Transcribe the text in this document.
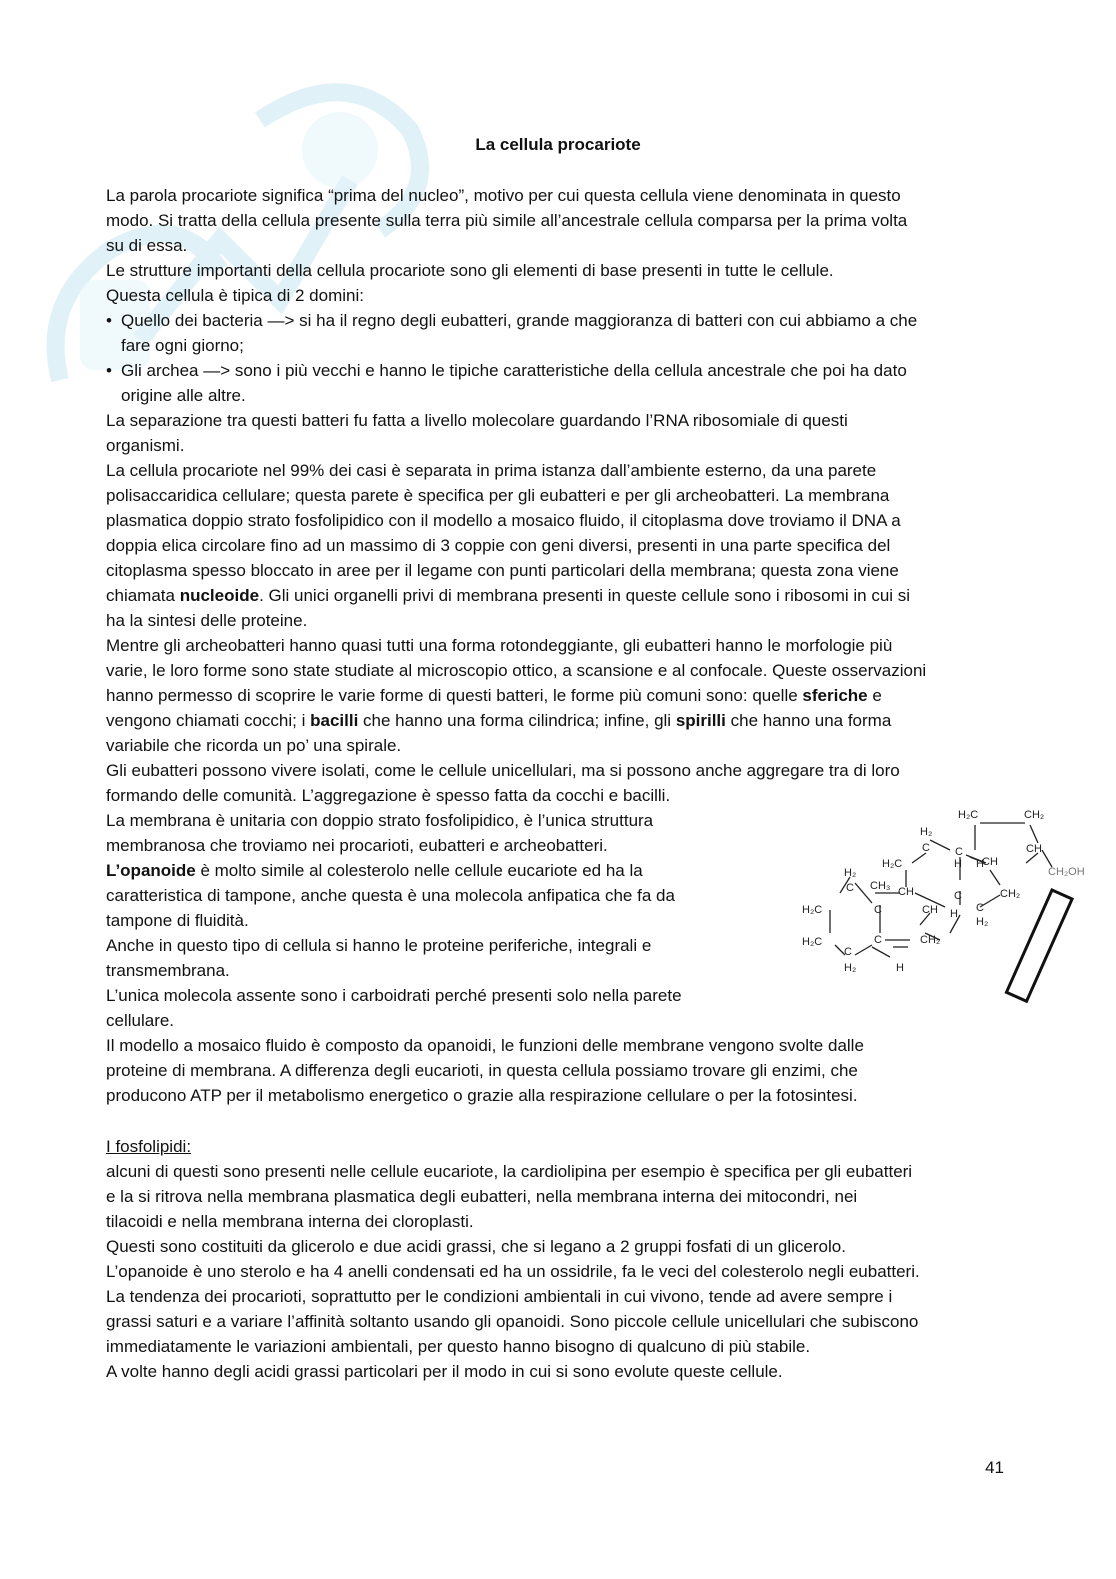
La cellula procariote

La parola procariote significa “prima del nucleo”, motivo per cui questa cellula viene denominata in questo

modo. Si tratta della cellula presente sulla terra più simile all’ancestrale cellula comparsa per la prima volta

su di essa.

Le strutture importanti della cellula procariote sono gli elementi di base presenti in tutte le cellule.

Questa cellula è tipica di 2 domini:

• Quello dei bacteria —> si ha il regno degli eubatteri, grande maggioranza di batteri con cui abbiamo a che
fare ogni giorno;
• Gli archea —> sono i più vecchi e hanno le tipiche caratteristiche della cellula ancestrale che poi ha dato
origine alle altre.

La separazione tra questi batteri fu fatta a livello molecolare guardando l’RNA ribosomiale di questi

organismi.

La cellula procariote nel 99% dei casi è separata in prima istanza dall’ambiente esterno, da una parete

polisaccaridica cellulare; questa parete è specifica per gli eubatteri e per gli archeobatteri. La membrana

plasmatica doppio strato fosfolipidico con il modello a mosaico fluido, il citoplasma dove troviamo il DNA a

doppia elica circolare fino ad un massimo di 3 coppie con geni diversi, presenti in una parte specifica del

citoplasma spesso bloccato in aree per il legame con punti particolari della membrana; questa zona viene

chiamata nucleoide. Gli unici organelli privi di membrana presenti in queste cellule sono i ribosomi in cui si

ha la sintesi delle proteine.

Mentre gli archeobatteri hanno quasi tutti una forma rotondeggiante, gli eubatteri hanno le morfologie più

varie, le loro forme sono state studiate al microscopio ottico, a scansione e al confocale. Queste osservazioni

hanno permesso di scoprire le varie forme di questi batteri, le forme più comuni sono: quelle sferiche e

vengono chiamati cocchi; i bacilli che hanno una forma cilindrica; infine, gli spirilli che hanno una forma

variabile che ricorda un po’ una spirale.

Gli eubatteri possono vivere isolati, come le cellule unicellulari, ma si possono anche aggregare tra di loro

formando delle comunità. L’aggregazione è spesso fatta da cocchi e bacilli.

La membrana è unitaria con doppio strato fosfolipidico, è l’unica struttura

membranosa che troviamo nei procarioti, eubatteri e archeobatteri.

L’opanoide è molto simile al colesterolo nelle cellule eucariote ed ha la

caratteristica di tampone, anche questa è una molecola anfipatica che fa da

tampone di fluidità.

Anche in questo tipo di cellula si hanno le proteine periferiche, integrali e

transmembrana.

L’unica molecola assente sono i carboidrati perché presenti solo nella parete

cellulare.

Il modello a mosaico fluido è composto da opanoidi, le funzioni delle membrane vengono svolte dalle

proteine di membrana. A differenza degli eucarioti, in questa cellula possiamo trovare gli enzimi, che

producono ATP per il metabolismo energetico o grazie alla respirazione cellulare o per la fotosintesi.

I fosfolipidi:

alcuni di questi sono presenti nelle cellule eucariote, la cardiolipina per esempio è specifica per gli eubatteri

e la si ritrova nella membrana plasmatica degli eubatteri, nella membrana interna dei mitocondri, nei

tilacoidi e nella membrana interna dei cloroplasti.

Questi sono costituiti da glicerolo e due acidi grassi, che si legano a 2 gruppi fosfati di un glicerolo.

L’opanoide è uno sterolo e ha 4 anelli condensati ed ha un ossidrile, fa le veci del colesterolo negli eubatteri.

La tendenza dei procarioti, soprattutto per le condizioni ambientali in cui vivono, tende ad avere sempre i

grassi saturi e a variare l’affinità soltanto usando gli opanoidi. Sono piccole cellule unicellulari che subiscono

immediatamente le variazioni ambientali, per questo hanno bisogno di qualcuno di più stabile.

A volte hanno degli acidi grassi particolari per il modo in cui si sono evolute queste cellule.

H₂C	CH₂
H₂
C C	CH
CH₂OH
H₂C	H H
CH
H₂
C CH₃ CH	C	CH₂
H₂C	C	CH H C
H₂
H₂C
C
C	CH₂
H₂	H
41
